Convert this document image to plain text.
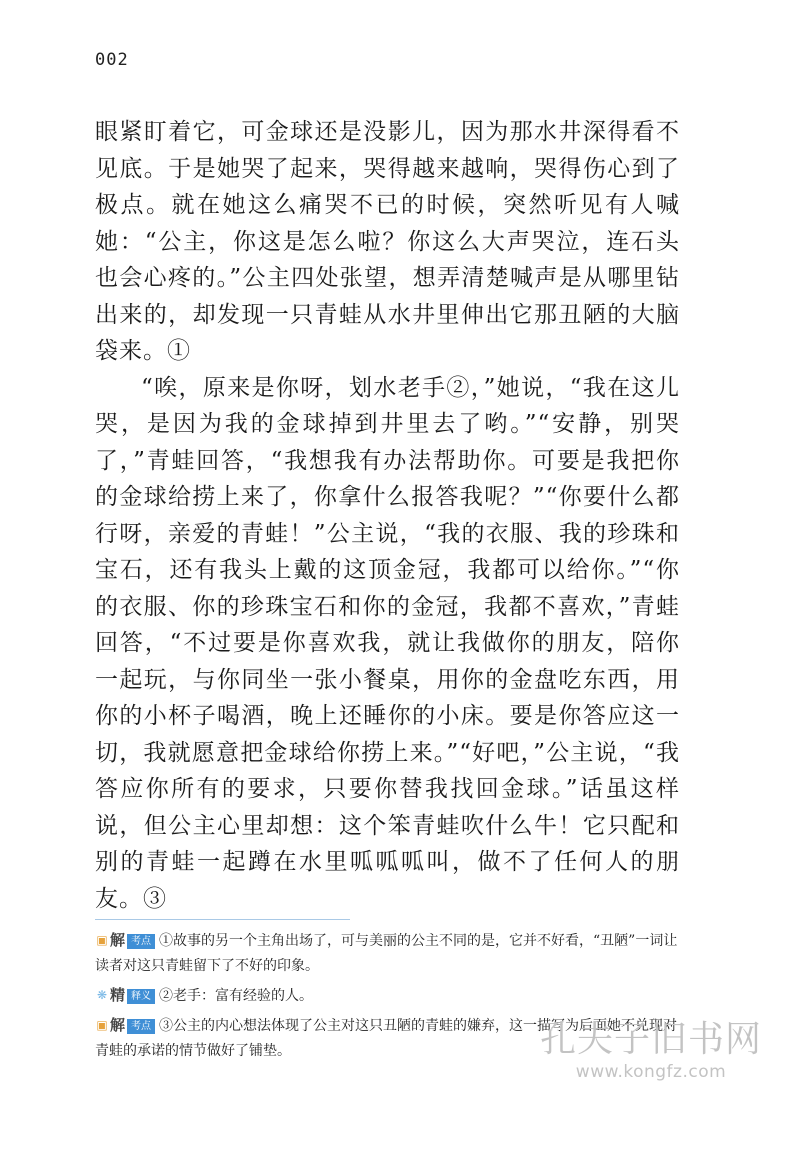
002

眼紧盯着它，可金球还是没影儿，因为那水井深得看不见底。于是她哭了起来，哭得越来越响，哭得伤心到了极点。就在她这么痛哭不已的时候，突然听见有人喊她：“公主，你这是怎么啦？你这么大声哭泣，连石头也会心疼的。”公主四处张望，想弄清楚喊声是从哪里钻出来的，却发现一只青蛙从水井里伸出它那丑陋的大脑袋来。①

“唉，原来是你呀，划水老手②，”她说，“我在这儿哭，是因为我的金球掉到井里去了哟。”“安静，别哭了，”青蛙回答，“我想我有办法帮助你。可要是我把你的金球给捞上来了，你拿什么报答我呢？”“你要什么都行呀，亲爱的青蛙！”公主说，“我的衣服、我的珍珠和宝石，还有我头上戴的这顶金冠，我都可以给你。”“你的衣服、你的珍珠宝石和你的金冠，我都不喜欢，”青蛙回答，“不过要是你喜欢我，就让我做你的朋友，陪你一起玩，与你同坐一张小餐桌，用你的金盘吃东西，用你的小杯子喝酒，晚上还睡你的小床。要是你答应这一切，我就愿意把金球给你捞上来。”“好吧，”公主说，“我答应你所有的要求，只要你替我找回金球。”话虽这样说，但公主心里却想：这个笨青蛙吹什么牛！它只配和别的青蛙一起蹲在水里呱呱呱叫，做不了任何人的朋友。③

▣ 解 考点 ①故事的另一个主角出场了，可与美丽的公主不同的是，它并不好看，“丑陋”一词让读者对这只青蛙留下了不好的印象。
❋ 精 释义 ②老手：富有经验的人。
▣ 解 考点 ③公主的内心想法体现了公主对这只丑陋的青蛙的嫌弃，这一描写为后面她不兑现对青蛙的承诺的情节做好了铺垫。	孔夫子旧书网
www.kongfz.com
